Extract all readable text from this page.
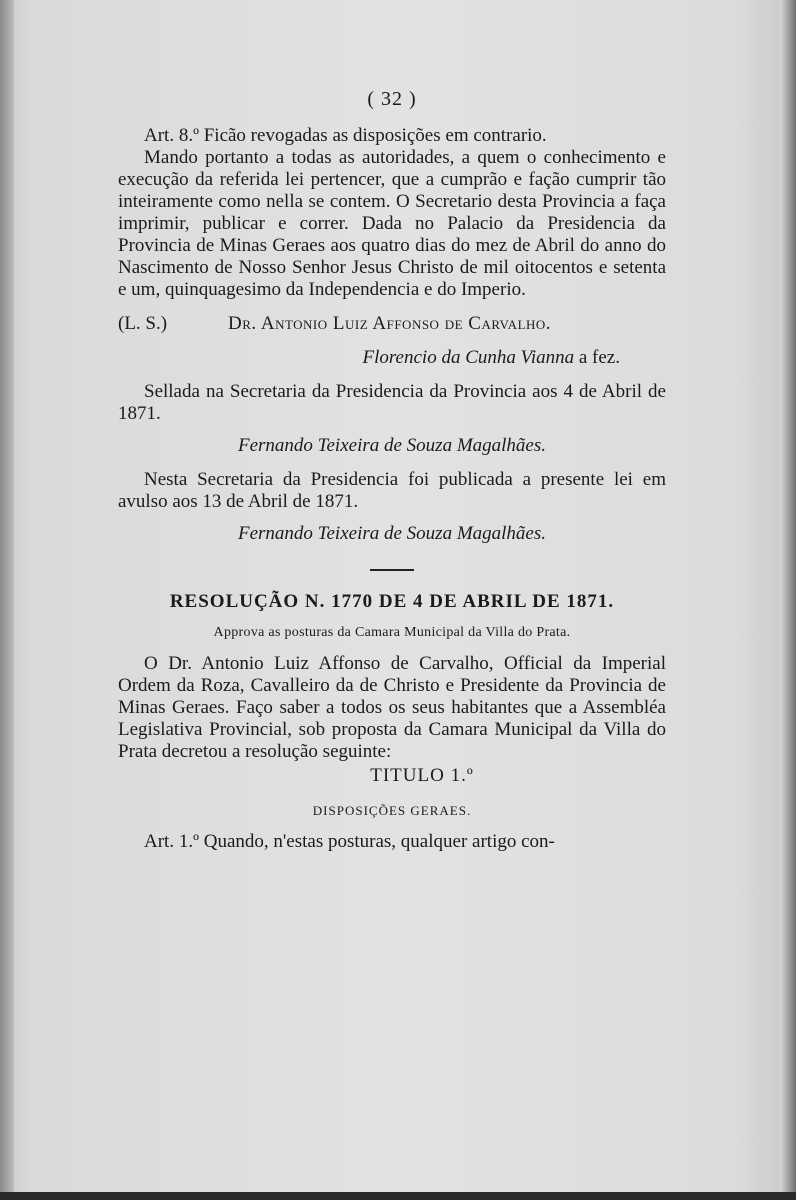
( 32 )

Art. 8.º Ficão revogadas as disposições em contrario.

Mando portanto a todas as autoridades, a quem o conhecimento e execução da referida lei pertencer, que a cumprão e fação cumprir tão inteiramente como nella se contem. O Secretario desta Provincia a faça imprimir, publicar e correr. Dada no Palacio da Presidencia da Provincia de Minas Geraes aos quatro dias do mez de Abril do anno do Nascimento de Nosso Senhor Jesus Christo de mil oitocentos e setenta e um, quinquagesimo da Independencia e do Imperio.

(L. S.)	Dr. Antonio Luiz Affonso de Carvalho.
Florencio da Cunha Vianna a fez.

Sellada na Secretaria da Presidencia da Provincia aos 4 de Abril de 1871.

Fernando Teixeira de Souza Magalhães.

Nesta Secretaria da Presidencia foi publicada a presente lei em avulso aos 13 de Abril de 1871.

Fernando Teixeira de Souza Magalhães.
RESOLUÇÃO N. 1770 DE 4 DE ABRIL DE 1871.
Approva as posturas da Camara Municipal da Villa do Prata.

O Dr. Antonio Luiz Affonso de Carvalho, Official da Imperial Ordem da Roza, Cavalleiro da de Christo e Presidente da Provincia de Minas Geraes. Faço saber a todos os seus habitantes que a Assembléa Legislativa Provincial, sob proposta da Camara Municipal da Villa do Prata decretou a resolução seguinte:

TITULO 1.º
DISPOSIÇÕES GERAES.

Art. 1.º Quando, n'estas posturas, qualquer artigo con-
